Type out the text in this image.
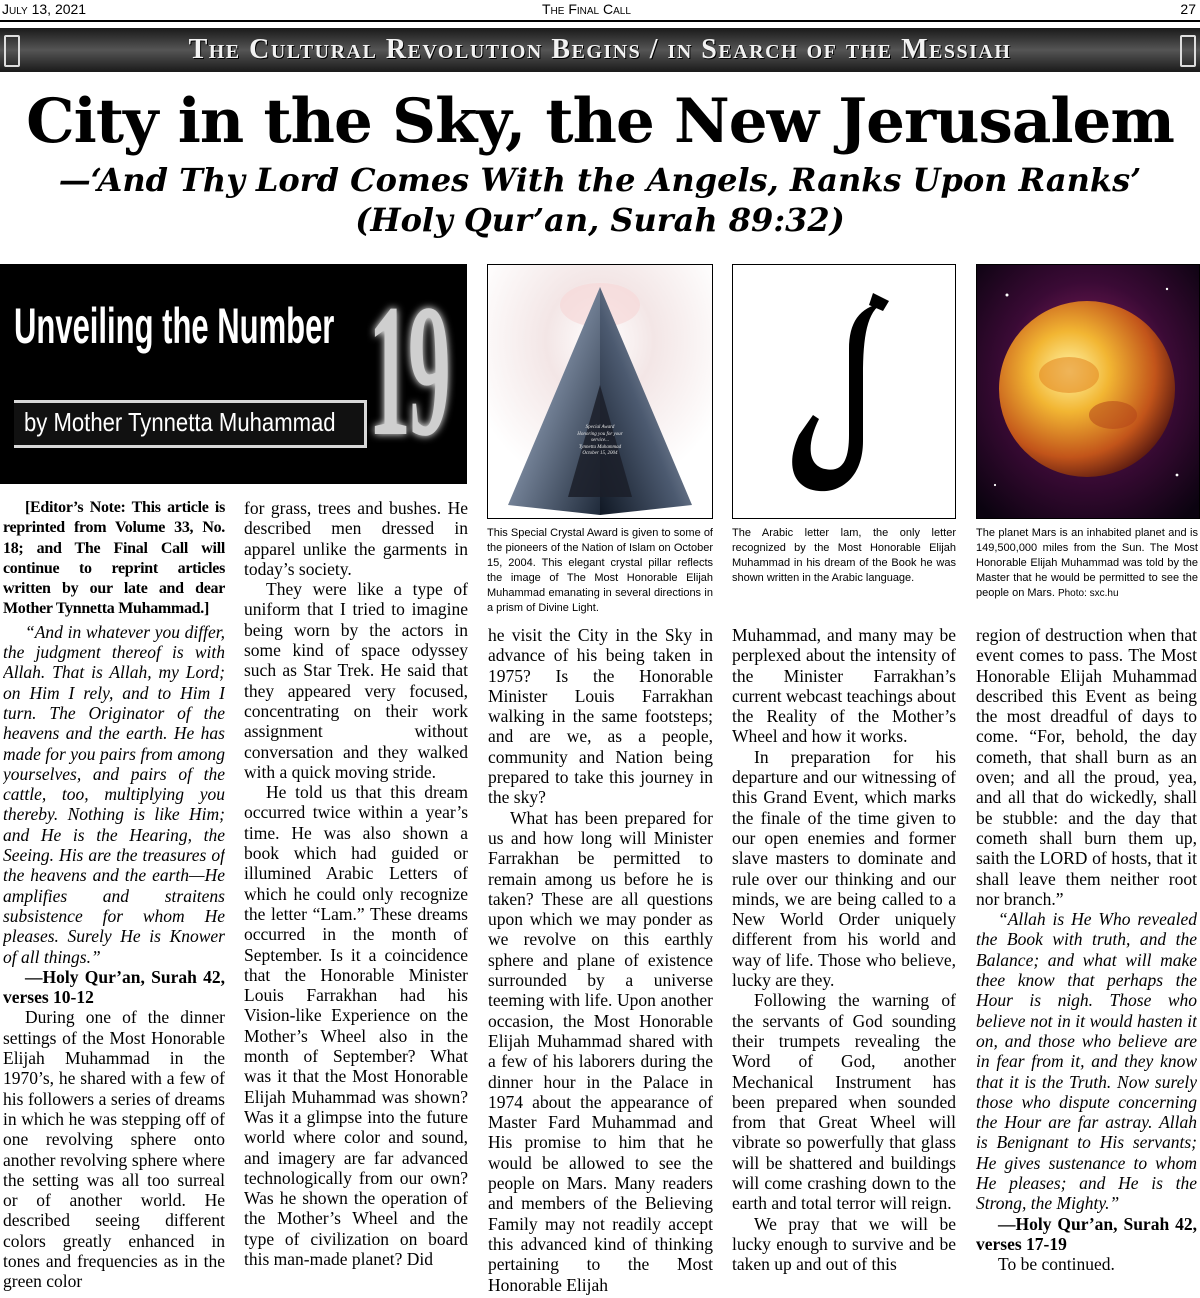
July 13, 2021	The Final Call	27
The Cultural Revolution Begins / in Search of the Messiah
City in the Sky, the New Jerusalem
—‘And Thy Lord Comes With the Angels, Ranks Upon Ranks’
(Holy Qur’an, Surah 89:32)
Unveiling the Number 19
by Mother Tynnetta Muhammad	Special Award
Honoring you for your
service...
Tynnetta Muhammad
October 15, 2004
This Special Crystal Award is given to some of the pioneers of the Nation of Islam on October 15, 2004. This elegant crystal pillar reflects the image of The Most Honorable Elijah Muhammad emanating in several directions in a prism of Divine Light.
The Arabic letter lam, the only letter recognized by the Most Honorable Elijah Muhammad in his dream of the Book he was shown written in the Arabic language.
The planet Mars is an inhabited planet and is 149,500,000 miles from the Sun. The Most Honorable Elijah Muhammad was told by the Master that he would be permitted to see the people on Mars. Photo: sxc.hu

[Editor’s Note: This article is reprinted from Volume 33, No. 18; and The Final Call will continue to reprint articles written by our late and dear Mother Tynnetta Muhammad.]

“And in whatever you differ, the judgment thereof is with Allah. That is Allah, my Lord; on Him I rely, and to Him I turn. The Originator of the heavens and the earth. He has made for you pairs from among yourselves, and pairs of the cattle, too, multiplying you thereby. Nothing is like Him; and He is the Hearing, the Seeing. His are the treasures of the heavens and the earth—He amplifies and straitens subsistence for whom He pleases. Surely He is Knower of all things.”

—Holy Qur’an, Surah 42, verses 10-12

During one of the dinner settings of the Most Honorable Elijah Muhammad in the 1970’s, he shared with a few of his followers a series of dreams in which he was stepping off of one revolving sphere onto another revolving sphere where the setting was all too surreal or of another world. He described seeing different colors greatly enhanced in tones and frequencies as in the green color

for grass, trees and bushes. He described men dressed in apparel unlike the garments in today’s society.

They were like a type of uniform that I tried to imagine being worn by the actors in some kind of space odyssey such as Star Trek. He said that they appeared very focused, concentrating on their work assignment without conversation and they walked with a quick moving stride.

He told us that this dream occurred twice within a year’s time. He was also shown a book which had guided or illumined Arabic Letters of which he could only recognize the letter “Lam.” These dreams occurred in the month of September. Is it a coincidence that the Honorable Minister Louis Farrakhan had his Vision-like Experience on the Mother’s Wheel also in the month of September? What was it that the Most Honorable Elijah Muhammad was shown? Was it a glimpse into the future world where color and sound, and imagery are far advanced technologically from our own? Was he shown the operation of the Mother’s Wheel and the type of civilization on board this man-made planet? Did

he visit the City in the Sky in advance of his being taken in 1975? Is the Honorable Minister Louis Farrakhan walking in the same footsteps; and are we, as a people, community and Nation being prepared to take this journey in the sky?

What has been prepared for us and how long will Minister Farrakhan be permitted to remain among us before he is taken? These are all questions upon which we may ponder as we revolve on this earthly sphere and plane of existence surrounded by a universe teeming with life. Upon another occasion, the Most Honorable Elijah Muhammad shared with a few of his laborers during the dinner hour in the Palace in 1974 about the appearance of Master Fard Muhammad and His promise to him that he would be allowed to see the people on Mars. Many readers and members of the Believing Family may not readily accept this advanced kind of thinking pertaining to the Most Honorable Elijah

Muhammad, and many may be perplexed about the intensity of the Minister Farrakhan’s current webcast teachings about the Reality of the Mother’s Wheel and how it works.

In preparation for his departure and our witnessing of this Grand Event, which marks the finale of the time given to our open enemies and former slave masters to dominate and rule over our thinking and our minds, we are being called to a New World Order uniquely different from his world and way of life. Those who believe, lucky are they.

Following the warning of the servants of God sounding their trumpets revealing the Word of God, another Mechanical Instrument has been prepared when sounded from that Great Wheel will vibrate so powerfully that glass will be shattered and buildings will come crashing down to the earth and total terror will reign.

We pray that we will be lucky enough to survive and be taken up and out of this

region of destruction when that event comes to pass. The Most Honorable Elijah Muhammad described this Event as being the most dreadful of days to come. “For, behold, the day cometh, that shall burn as an oven; and all the proud, yea, and all that do wickedly, shall be stubble: and the day that cometh shall burn them up, saith the LORD of hosts, that it shall leave them neither root nor branch.”

“Allah is He Who revealed the Book with truth, and the Balance; and what will make thee know that perhaps the Hour is nigh. Those who believe not in it would hasten it on, and those who believe are in fear from it, and they know that it is the Truth. Now surely those who dispute concerning the Hour are far astray. Allah is Benignant to His servants; He gives sustenance to whom He pleases; and He is the Strong, the Mighty.”

—Holy Qur’an, Surah 42, verses 17-19

To be continued.
